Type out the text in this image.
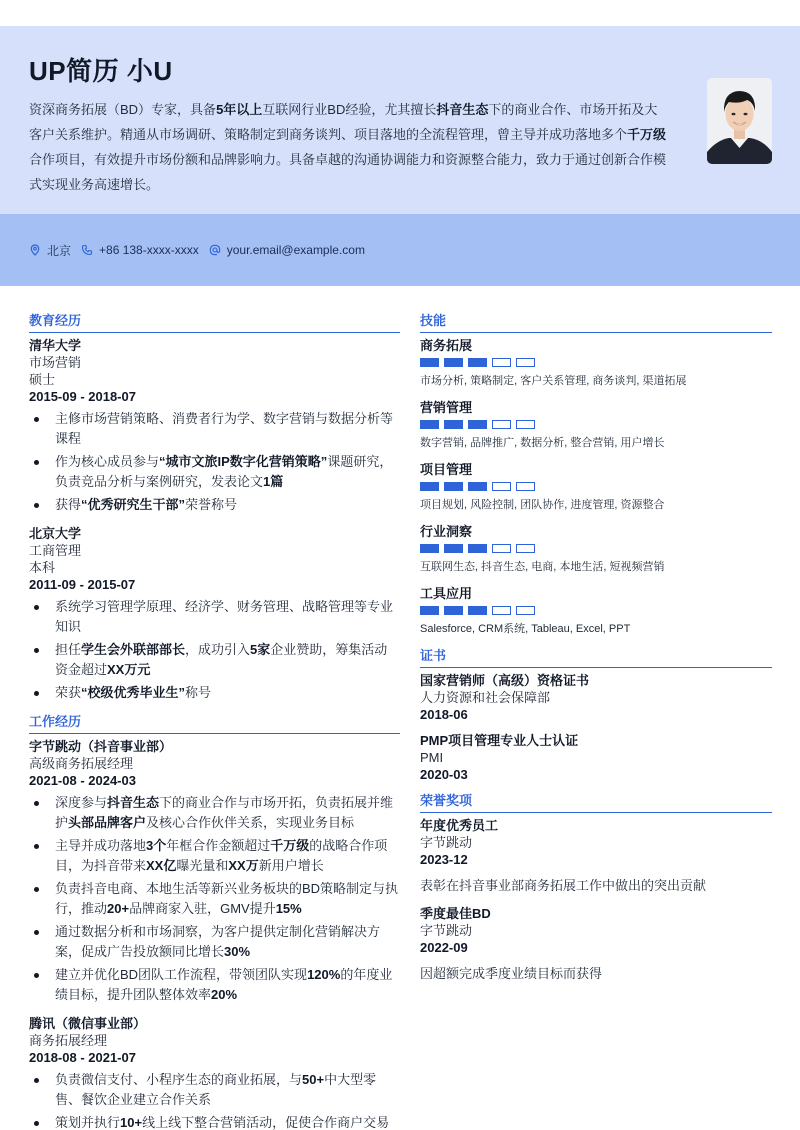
UP简历 小U

资深商务拓展（BD）专家，具备5年以上互联网行业BD经验，尤其擅长抖音生态下的商业合作、市场开拓及大客户关系维护。精通从市场调研、策略制定到商务谈判、项目落地的全流程管理，曾主导并成功落地多个千万级合作项目，有效提升市场份额和品牌影响力。具备卓越的沟通协调能力和资源整合能力，致力于通过创新合作模式实现业务高速增长。

北京 +86 138-xxxx-xxxx your.email@example.com
教育经历
清华大学
市场营销
硕士
2015-09 - 2018-07
主修市场营销策略、消费者行为学、数字营销与数据分析等课程
作为核心成员参与“城市文旅IP数字化营销策略”课题研究，负责竞品分析与案例研究，发表论文1篇
获得“优秀研究生干部”荣誉称号
北京大学
工商管理
本科
2011-09 - 2015-07
系统学习管理学原理、经济学、财务管理、战略管理等专业知识
担任学生会外联部部长，成功引入5家企业赞助，筹集活动资金超过XX万元
荣获“校级优秀毕业生”称号
工作经历
字节跳动（抖音事业部）
高级商务拓展经理
2021-08 - 2024-03
深度参与抖音生态下的商业合作与市场开拓，负责拓展并维护头部品牌客户及核心合作伙伴关系，实现业务目标
主导并成功落地3个年框合作金额超过千万级的战略合作项目，为抖音带来XX亿曝光量和XX万新用户增长
负责抖音电商、本地生活等新兴业务板块的BD策略制定与执行，推动20+品牌商家入驻，GMV提升15%
通过数据分析和市场洞察，为客户提供定制化营销解决方案，促成广告投放额同比增长30%
建立并优化BD团队工作流程，带领团队实现120%的年度业绩目标，提升团队整体效率20%
腾讯（微信事业部）
商务拓展经理
2018-08 - 2021-07
负责微信支付、小程序生态的商业拓展，与50+中大型零售、餐饮企业建立合作关系
策划并执行10+线上线下整合营销活动，促使合作商户交易
技能
商务拓展
市场分析, 策略制定, 客户关系管理, 商务谈判, 渠道拓展
营销管理
数字营销, 品牌推广, 数据分析, 整合营销, 用户增长
项目管理
项目规划, 风险控制, 团队协作, 进度管理, 资源整合
行业洞察
互联网生态, 抖音生态, 电商, 本地生活, 短视频营销
工具应用
Salesforce, CRM系统, Tableau, Excel, PPT
证书
国家营销师（高级）资格证书
人力资源和社会保障部
2018-06
PMP项目管理专业人士认证
PMI
2020-03
荣誉奖项
年度优秀员工
字节跳动
2023-12
表彰在抖音事业部商务拓展工作中做出的突出贡献
季度最佳BD
字节跳动
2022-09
因超额完成季度业绩目标而获得
